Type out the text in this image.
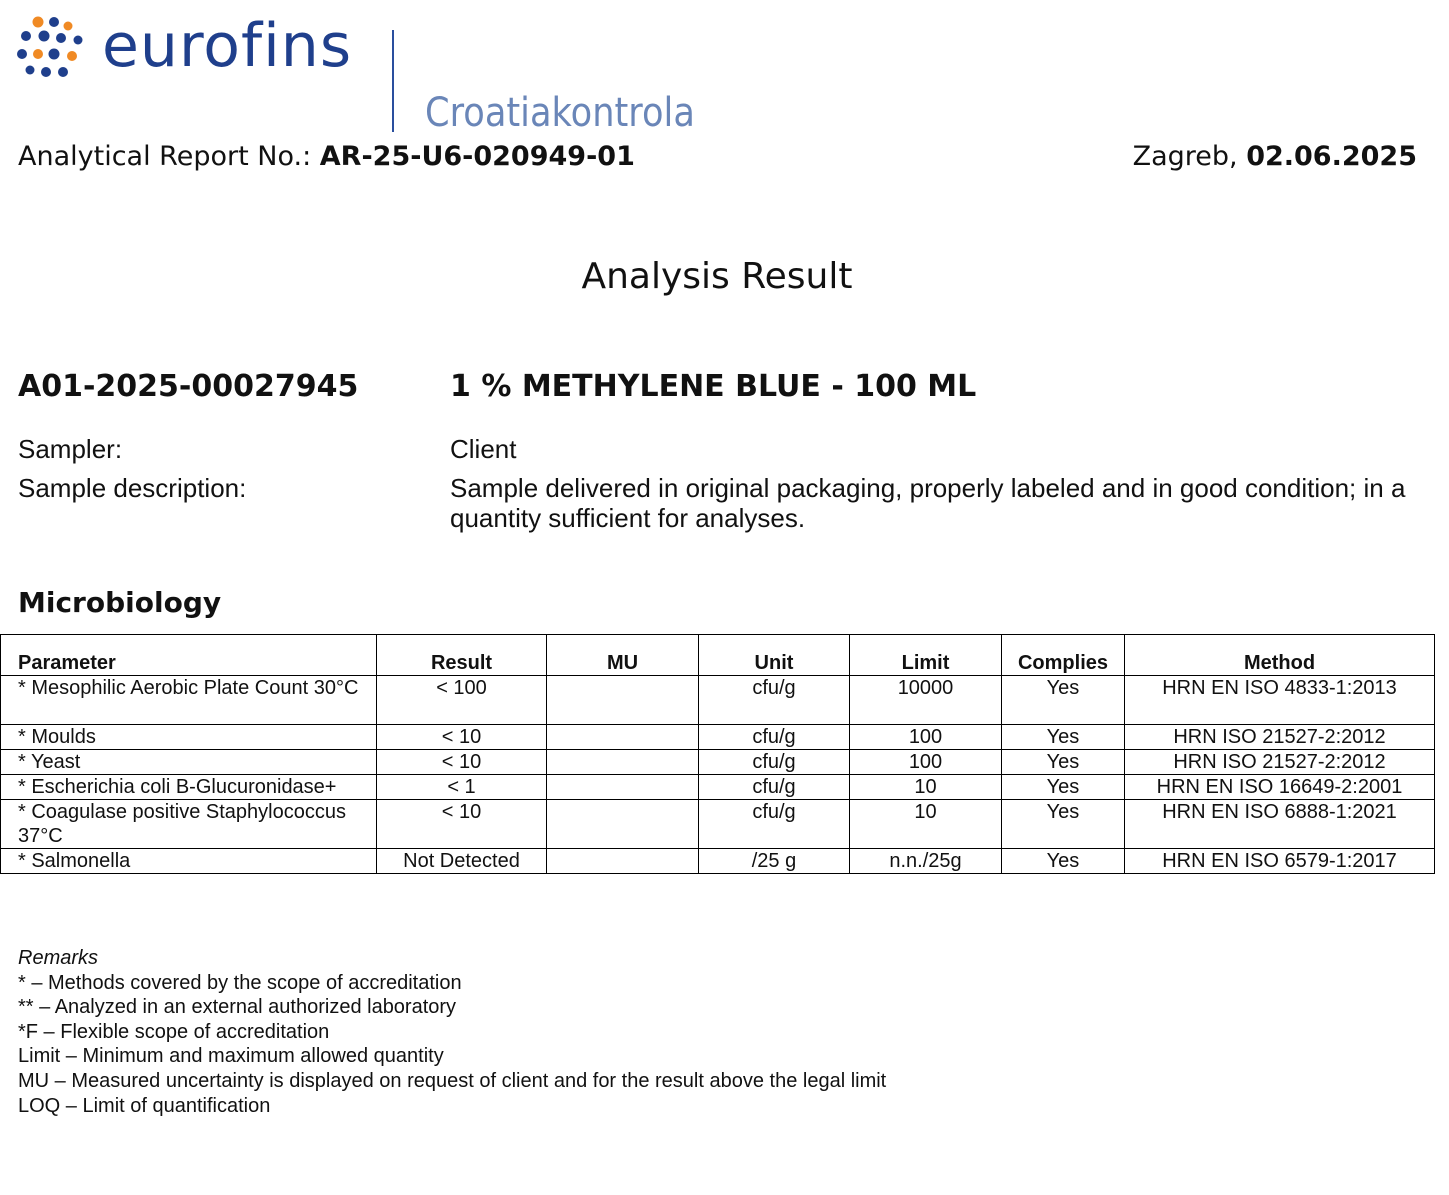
eurofins
Croatiakontrola
Analytical Report No.: AR-25-U6-020949-01	Zagreb, 02.06.2025
Analysis Result
A01-2025-00027945	1 % METHYLENE BLUE - 100 ML
Sampler:	Client
Sample description:	Sample delivered in original packaging, properly labeled and in good condition; in a quantity sufficient for analyses.
Microbiology
Parameter	Result	MU	Unit	Limit	Complies	Method
* Mesophilic Aerobic Plate Count 30°C	< 100		cfu/g	10000	Yes	HRN EN ISO 4833-1:2013
* Moulds	< 10		cfu/g	100	Yes	HRN ISO 21527-2:2012
* Yeast	< 10		cfu/g	100	Yes	HRN ISO 21527-2:2012
* Escherichia coli B-Glucuronidase+	< 1		cfu/g	10	Yes	HRN EN ISO 16649-2:2001
* Coagulase positive Staphylococcus 37°C	< 10		cfu/g	10	Yes	HRN EN ISO 6888-1:2021
* Salmonella	Not Detected		/25 g	n.n./25g	Yes	HRN EN ISO 6579-1:2017
Remarks
* – Methods covered by the scope of accreditation
** – Analyzed in an external authorized laboratory
*F – Flexible scope of accreditation
Limit – Minimum and maximum allowed quantity
MU – Measured uncertainty is displayed on request of client and for the result above the legal limit
LOQ – Limit of quantification
